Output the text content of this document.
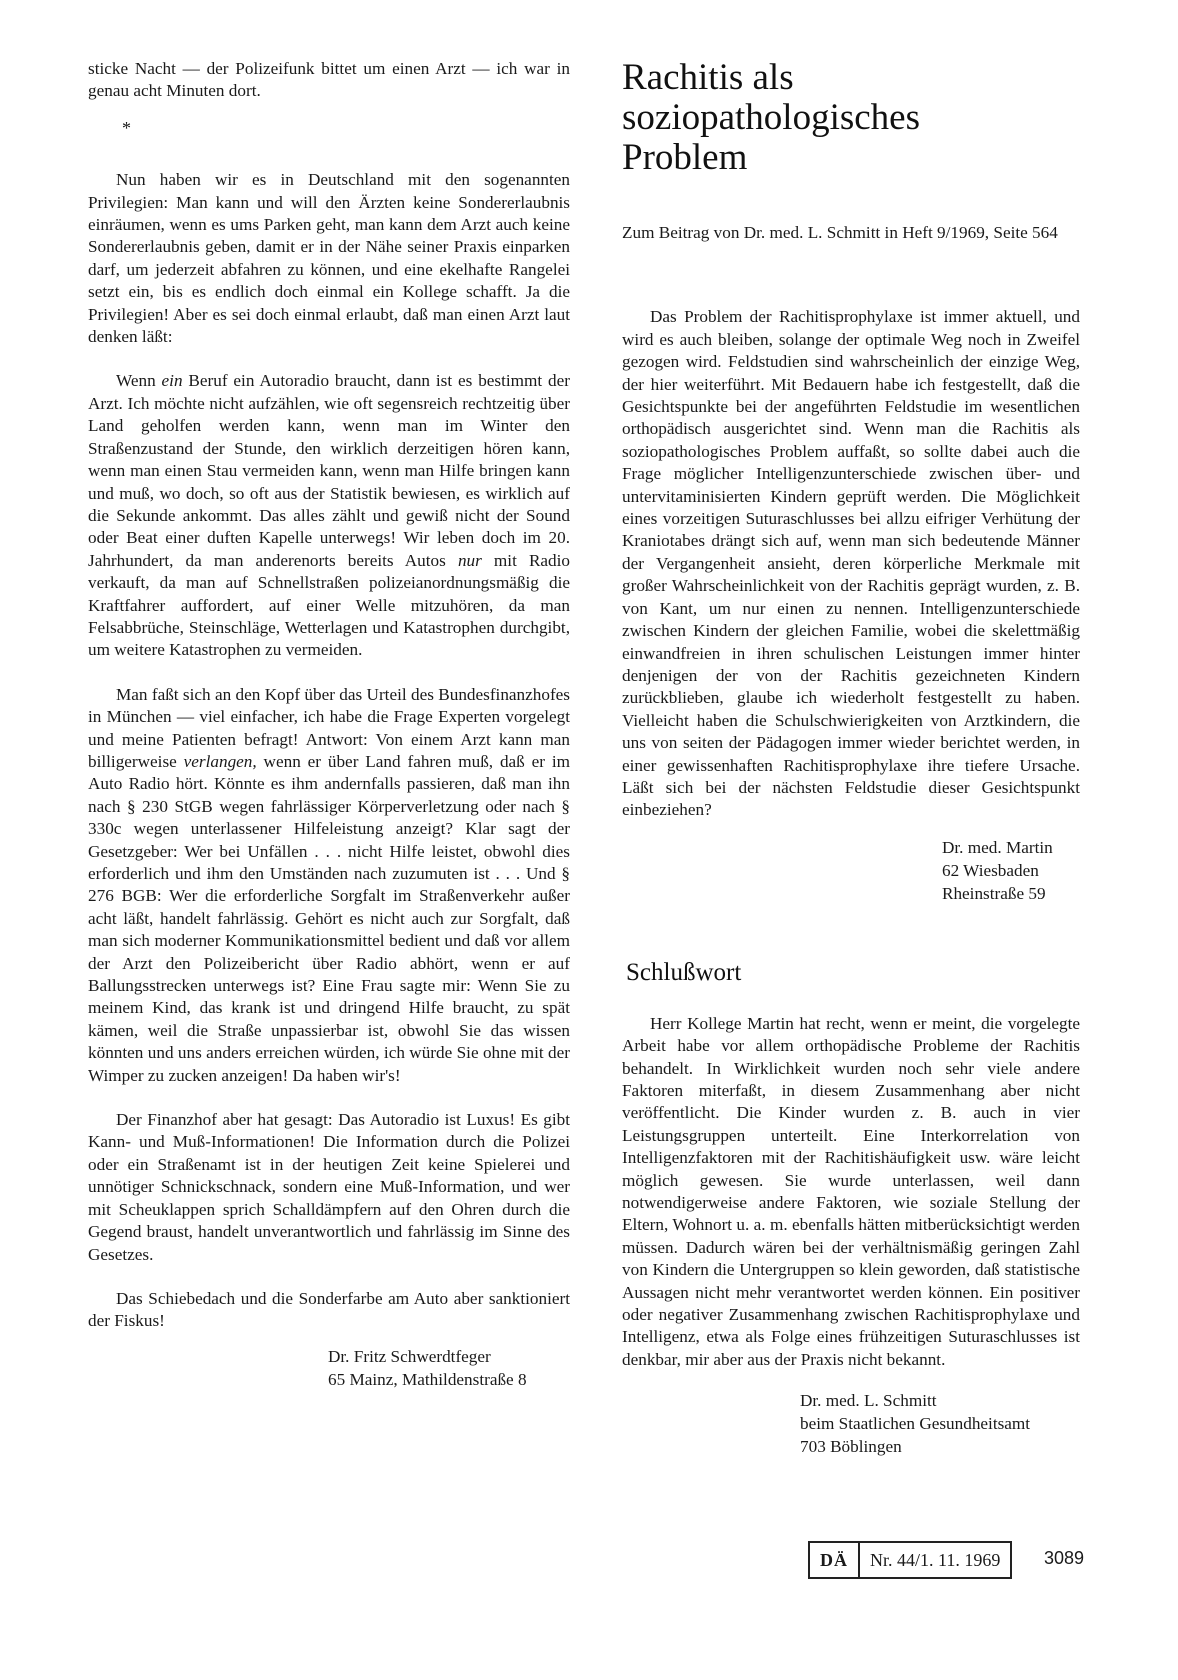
sticke Nacht — der Polizeifunk bittet um einen Arzt — ich war in genau acht Minuten dort.

*

Nun haben wir es in Deutschland mit den sogenannten Privilegien: Man kann und will den Ärzten keine Sondererlaubnis einräumen, wenn es ums Parken geht, man kann dem Arzt auch keine Sondererlaubnis geben, damit er in der Nähe seiner Praxis einparken darf, um jederzeit abfahren zu können, und eine ekelhafte Rangelei setzt ein, bis es endlich doch einmal ein Kollege schafft. Ja die Privilegien! Aber es sei doch einmal erlaubt, daß man einen Arzt laut denken läßt:

Wenn ein Beruf ein Autoradio braucht, dann ist es bestimmt der Arzt. Ich möchte nicht aufzählen, wie oft segensreich rechtzeitig über Land geholfen werden kann, wenn man im Winter den Straßenzustand der Stunde, den wirklich derzeitigen hören kann, wenn man einen Stau vermeiden kann, wenn man Hilfe bringen kann und muß, wo doch, so oft aus der Statistik bewiesen, es wirklich auf die Sekunde ankommt. Das alles zählt und gewiß nicht der Sound oder Beat einer duften Kapelle unterwegs! Wir leben doch im 20. Jahrhundert, da man anderenorts bereits Autos nur mit Radio verkauft, da man auf Schnellstraßen polizeianordnungsmäßig die Kraftfahrer auffordert, auf einer Welle mitzuhören, da man Felsabbrüche, Steinschläge, Wetterlagen und Katastrophen durchgibt, um weitere Katastrophen zu vermeiden.

Man faßt sich an den Kopf über das Urteil des Bundesfinanzhofes in München — viel einfacher, ich habe die Frage Experten vorgelegt und meine Patienten befragt! Antwort: Von einem Arzt kann man billigerweise verlangen, wenn er über Land fahren muß, daß er im Auto Radio hört. Könnte es ihm andernfalls passieren, daß man ihn nach § 230 StGB wegen fahrlässiger Körperverletzung oder nach § 330c wegen unterlassener Hilfeleistung anzeigt? Klar sagt der Gesetzgeber: Wer bei Unfällen . . . nicht Hilfe leistet, obwohl dies erforderlich und ihm den Umständen nach zuzumuten ist . . . Und § 276 BGB: Wer die erforderliche Sorgfalt im Straßenverkehr außer acht läßt, handelt fahrlässig. Gehört es nicht auch zur Sorgfalt, daß man sich moderner Kommunikationsmittel bedient und daß vor allem der Arzt den Polizeibericht über Radio abhört, wenn er auf Ballungsstrecken unterwegs ist? Eine Frau sagte mir: Wenn Sie zu meinem Kind, das krank ist und dringend Hilfe braucht, zu spät kämen, weil die Straße unpassierbar ist, obwohl Sie das wissen könnten und uns anders erreichen würden, ich würde Sie ohne mit der Wimper zu zucken anzeigen! Da haben wir's!

Der Finanzhof aber hat gesagt: Das Autoradio ist Luxus! Es gibt Kann- und Muß-Informationen! Die Information durch die Polizei oder ein Straßenamt ist in der heutigen Zeit keine Spielerei und unnötiger Schnickschnack, sondern eine Muß-Information, und wer mit Scheuklappen sprich Schalldämpfern auf den Ohren durch die Gegend braust, handelt unverantwortlich und fahrlässig im Sinne des Gesetzes.

Das Schiebedach und die Sonderfarbe am Auto aber sanktioniert der Fiskus!

Dr. Fritz Schwerdtfeger
65 Mainz, Mathildenstraße 8
Rachitis als
soziopathologisches
Problem
Zum Beitrag von Dr. med. L. Schmitt in Heft 9/1969, Seite 564

Das Problem der Rachitisprophylaxe ist immer aktuell, und wird es auch bleiben, solange der optimale Weg noch in Zweifel gezogen wird. Feldstudien sind wahrscheinlich der einzige Weg, der hier weiterführt. Mit Bedauern habe ich festgestellt, daß die Gesichtspunkte bei der angeführten Feldstudie im wesentlichen orthopädisch ausgerichtet sind. Wenn man die Rachitis als soziopathologisches Problem auffaßt, so sollte dabei auch die Frage möglicher Intelligenzunterschiede zwischen über- und untervitaminisierten Kindern geprüft werden. Die Möglichkeit eines vorzeitigen Suturaschlusses bei allzu eifriger Verhütung der Kraniotabes drängt sich auf, wenn man sich bedeutende Männer der Vergangenheit ansieht, deren körperliche Merkmale mit großer Wahrscheinlichkeit von der Rachitis geprägt wurden, z. B. von Kant, um nur einen zu nennen. Intelligenzunterschiede zwischen Kindern der gleichen Familie, wobei die skelettmäßig einwandfreien in ihren schulischen Leistungen immer hinter denjenigen der von der Rachitis gezeichneten Kindern zurückblieben, glaube ich wiederholt festgestellt zu haben. Vielleicht haben die Schulschwierigkeiten von Arztkindern, die uns von seiten der Pädagogen immer wieder berichtet werden, in einer gewissenhaften Rachitisprophylaxe ihre tiefere Ursache. Läßt sich bei der nächsten Feldstudie dieser Gesichtspunkt einbeziehen?

Dr. med. Martin
62 Wiesbaden
Rheinstraße 59
Schlußwort

Herr Kollege Martin hat recht, wenn er meint, die vorgelegte Arbeit habe vor allem orthopädische Probleme der Rachitis behandelt. In Wirklichkeit wurden noch sehr viele andere Faktoren miterfaßt, in diesem Zusammenhang aber nicht veröffentlicht. Die Kinder wurden z. B. auch in vier Leistungsgruppen unterteilt. Eine Interkorrelation von Intelligenzfaktoren mit der Rachitishäufigkeit usw. wäre leicht möglich gewesen. Sie wurde unterlassen, weil dann notwendigerweise andere Faktoren, wie soziale Stellung der Eltern, Wohnort u. a. m. ebenfalls hätten mitberücksichtigt werden müssen. Dadurch wären bei der verhältnismäßig geringen Zahl von Kindern die Untergruppen so klein geworden, daß statistische Aussagen nicht mehr verantwortet werden können. Ein positiver oder negativer Zusammenhang zwischen Rachitisprophylaxe und Intelligenz, etwa als Folge eines frühzeitigen Suturaschlusses ist denkbar, mir aber aus der Praxis nicht bekannt.

Dr. med. L. Schmitt
beim Staatlichen Gesundheitsamt
703 Böblingen
DÄ	Nr. 44/1. 11. 1969	3089
